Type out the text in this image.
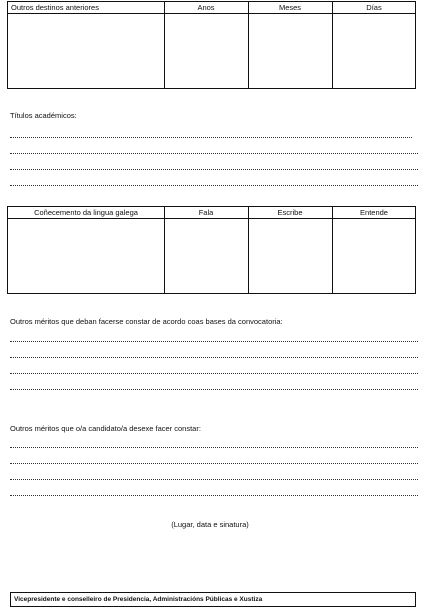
Outros destinos anteriores	Anos	Meses	Días
Títulos académicos:
Coñecemento da lingua galega	Fala	Escribe	Entende
Outros méritos que deban facerse constar de acordo coas bases da convocatoria:
Outros méritos que o/a candidato/a desexe facer constar:
(Lugar, data e sinatura)
Vicepresidente e conselleiro de Presidencia, Administracións Públicas e Xustiza
